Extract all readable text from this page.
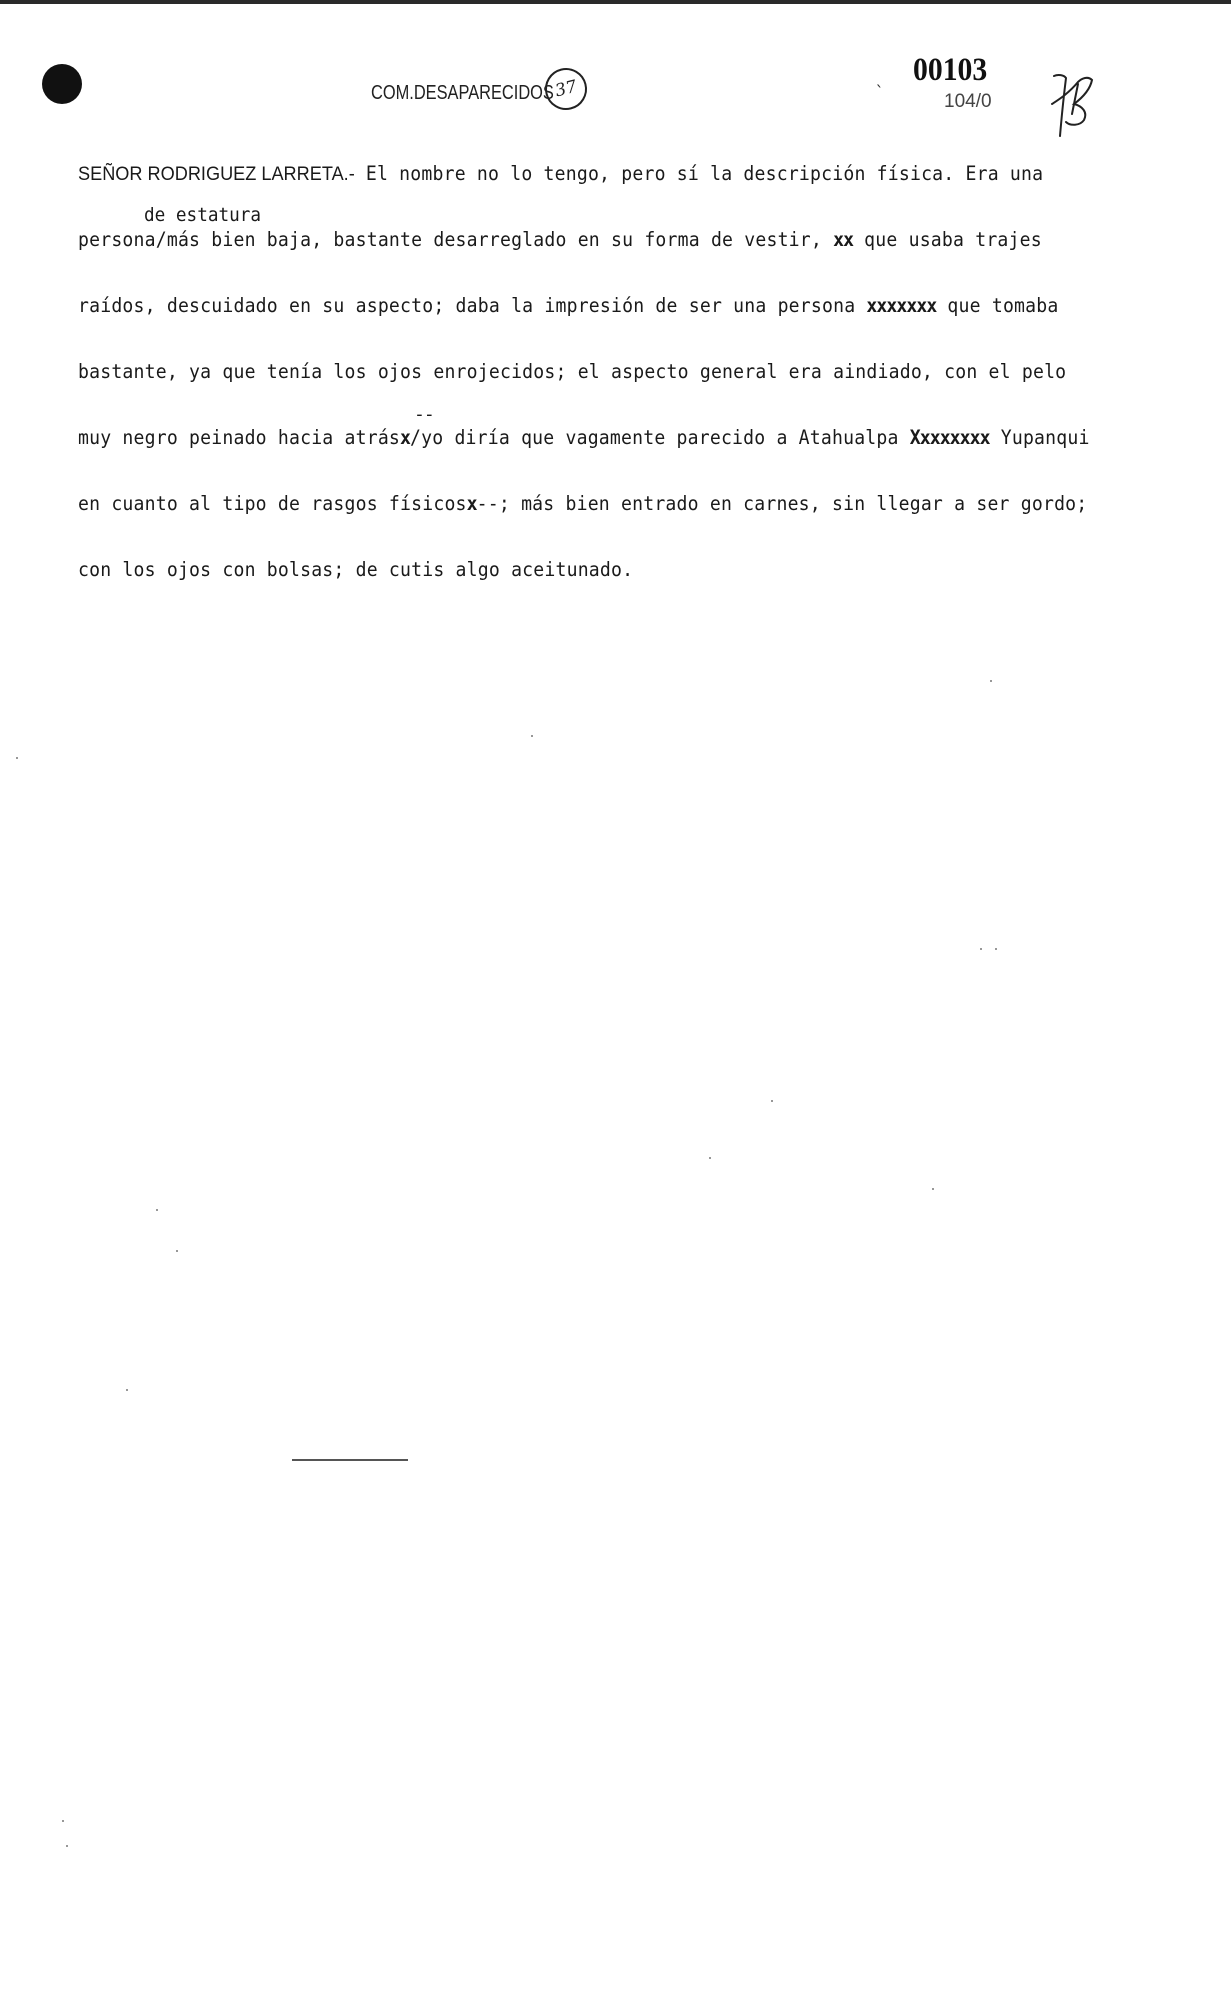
COM.DESAPARECIDOS 37	ˎ 00103
104/0
de estatura
SEÑOR RODRIGUEZ LARRETA.- El nombre no lo tengo, pero sí la descripción física. Era una
persona/más bien baja, bastante desarreglado en su forma de vestir, xx que usaba trajes
raídos, descuidado en su aspecto; daba la impresión de ser una persona xxxxxxx que tomaba
bastante, ya que tenía los ojos enrojecidos; el aspecto general era aindiado, con el pelo
--
muy negro peinado hacia atrásx/yo diría que vagamente parecido a Atahualpa Xxxxxxxx Yupanqui
en cuanto al tipo de rasgos físicosx--; más bien entrado en carnes, sin llegar a ser gordo;
con los ojos con bolsas; de cutis algo aceitunado.
